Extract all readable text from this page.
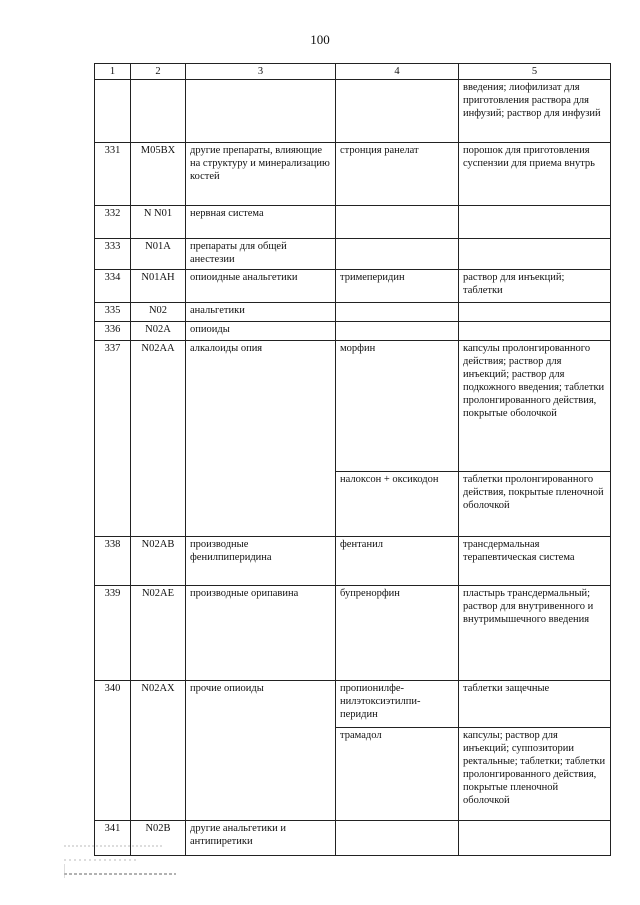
100
1	2	3	4	5
				введения; лиофилизат для приготовления раствора для инфузий; раствор для инфузий
331	M05BX	другие препараты, влияющие на структуру и минерализацию костей	стронция ранелат	порошок для приготовления суспензии для приема внутрь
332	N N01	нервная система		
333	N01A	препараты для общей анестезии		
334	N01AH	опиоидные анальгетики	тримеперидин	раствор для инъекций; таблетки
335	N02	анальгетики		
336	N02A	опиоиды		
337	N02AA	алкалоиды опия	морфин	капсулы пролонгированного действия; раствор для инъекций; раствор для подкожного введения; таблетки пролонгированного действия, покрытые оболочкой
			налоксон + оксикодон	таблетки пролонгированного действия, покрытые пленочной оболочкой
338	N02AB	производные фенилпиперидина	фентанил	трансдермальная терапевтическая система
339	N02AE	производные орипавина	бупренорфин	пластырь трансдермальный; раствор для внутривенного и внутримышечного введения
340	N02AX	прочие опиоиды	пропионилфе-нилэтоксиэтилпи-перидин	таблетки защечные
			трамадол	капсулы; раствор для инъекций; суппозитории ректальные; таблетки; таблетки пролонгированного действия, покрытые пленочной оболочкой
341	N02B	другие анальгетики и антипиретики		
